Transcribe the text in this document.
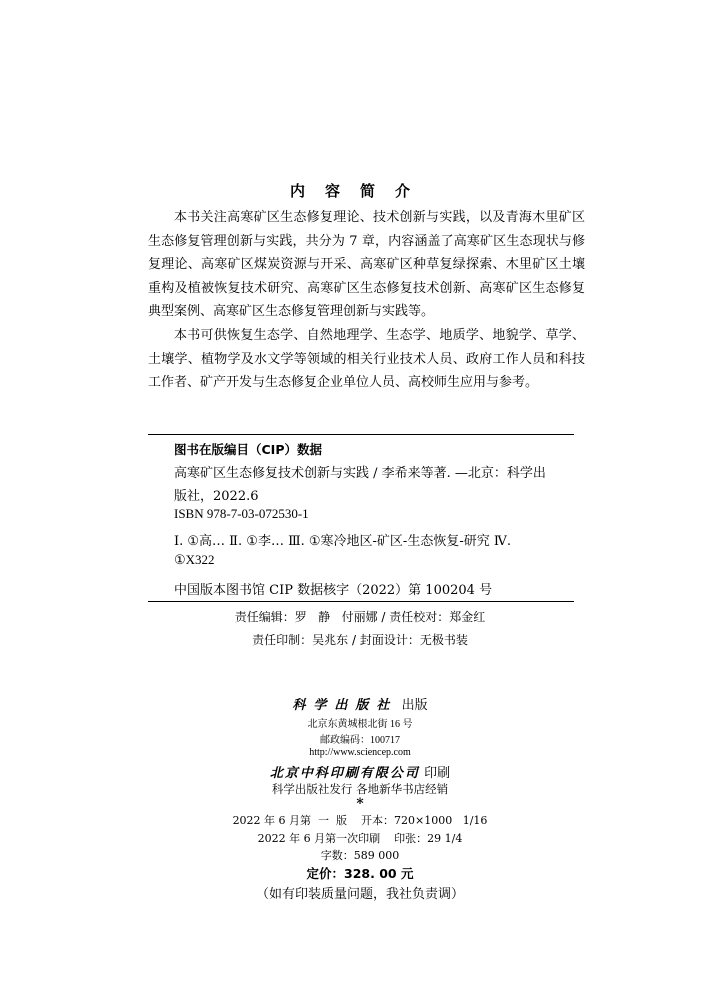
内容简介

本书关注高寒矿区生态修复理论、技术创新与实践，以及青海木里矿区生态修复管理创新与实践，共分为 7 章，内容涵盖了高寒矿区生态现状与修复理论、高寒矿区煤炭资源与开采、高寒矿区种草复绿探索、木里矿区土壤重构及植被恢复技术研究、高寒矿区生态修复技术创新、高寒矿区生态修复典型案例、高寒矿区生态修复管理创新与实践等。

本书可供恢复生态学、自然地理学、生态学、地质学、地貌学、草学、土壤学、植物学及水文学等领域的相关行业技术人员、政府工作人员和科技工作者、矿产开发与生态修复企业单位人员、高校师生应用与参考。

图书在版编目（CIP）数据
高寒矿区生态修复技术创新与实践 / 李希来等著. —北京：科学出
版社，2022.6
ISBN 978-7-03-072530-1
Ⅰ. ①高… Ⅱ. ①李… Ⅲ. ①寒冷地区-矿区-生态恢复-研究 Ⅳ.
①X322
中国版本图书馆 CIP 数据核字（2022）第 100204 号
责任编辑：罗   静   付丽娜 / 责任校对：郑金红
责任印制：吴兆东 / 封面设计：无极书装
科学出版社 出版
北京东黄城根北街 16 号
邮政编码：100717
http://www.sciencep.com
北京中科印刷有限公司 印刷
科学出版社发行 各地新华书店经销
*
2022 年 6 月第  一  版    开本：720×1000   1/16
2022 年 6 月第一次印刷    印张：29 1/4
字数：589 000
定价：328. 00 元
（如有印装质量问题，我社负责调）
